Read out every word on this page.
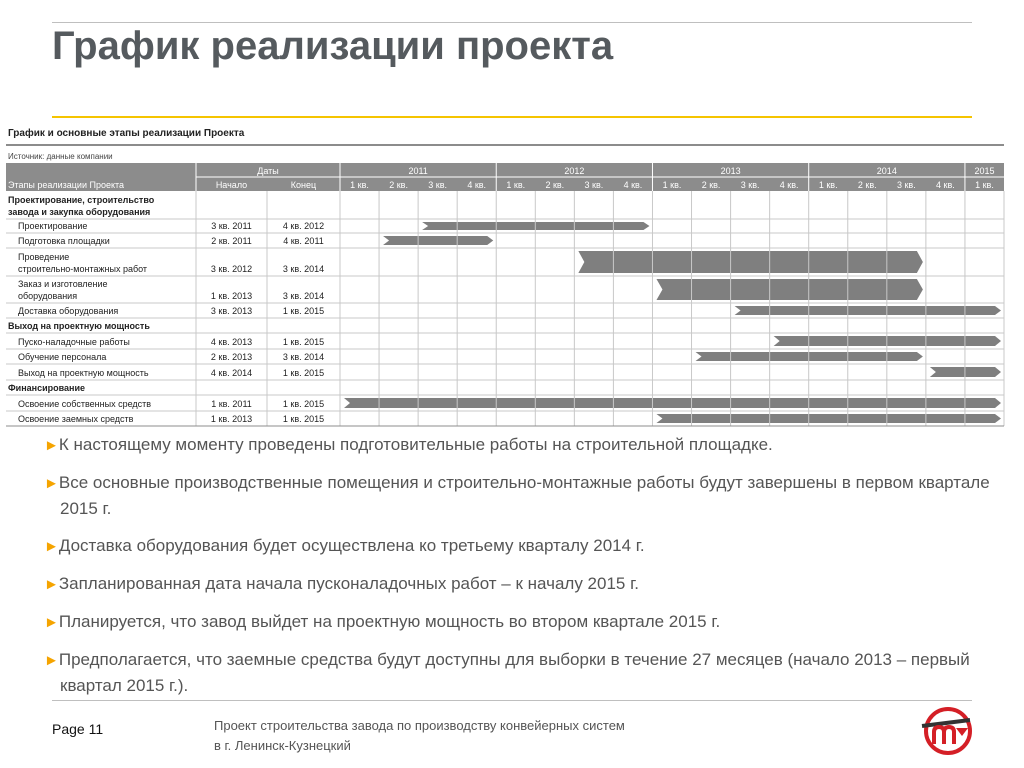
График реализации проекта
График и основные этапы реализации Проекта
Источник: данные компании
Даты
Этапы реализации Проекта	Начало	Конец
2011	2012	2013	2014	2015
1 кв. 2 кв. 3 кв. 4 кв. 1 кв. 2 кв. 3 кв. 4 кв. 1 кв. 2 кв. 3 кв. 4 кв. 1 кв. 2 кв. 3 кв. 4 кв. 1 кв.
Проектирование, строительство
завода и закупка оборудования
Проектирование	3 кв. 2011	4 кв. 2012
Подготовка площадки	2 кв. 2011	4 кв. 2011
Проведение
строительно-монтажных работ	3 кв. 2012	3 кв. 2014
Заказ и изготовление
оборудования	1 кв. 2013	3 кв. 2014
Доставка оборудования	3 кв. 2013	1 кв. 2015
Выход на проектную мощность
Пуско-наладочные работы	4 кв. 2013	1 кв. 2015
Обучение персонала	2 кв. 2013	3 кв. 2014
Выход на проектную мощность	4 кв. 2014	1 кв. 2015
Финансирование
Освоение собственных средств	1 кв. 2011	1 кв. 2015
Освоение заемных средств	1 кв. 2013	1 кв. 2015
►К настоящему моменту проведены подготовительные работы на строительной площадке.
►Все основные производственные помещения и строительно-монтажные работы будут завершены в первом квартале 2015 г.
►Доставка оборудования будет осуществлена ко третьему кварталу 2014 г.
►Запланированная дата начала пусконаладочных работ – к началу 2015 г.
►Планируется, что завод выйдет на проектную мощность во втором квартале 2015 г.
►Предполагается, что заемные средства будут доступны для выборки в течение 27 месяцев (начало 2013 – первый квартал 2015 г.).
Page 11	Проект строительства завода по производству конвейерных систем
в г. Ленинск-Кузнецкий
